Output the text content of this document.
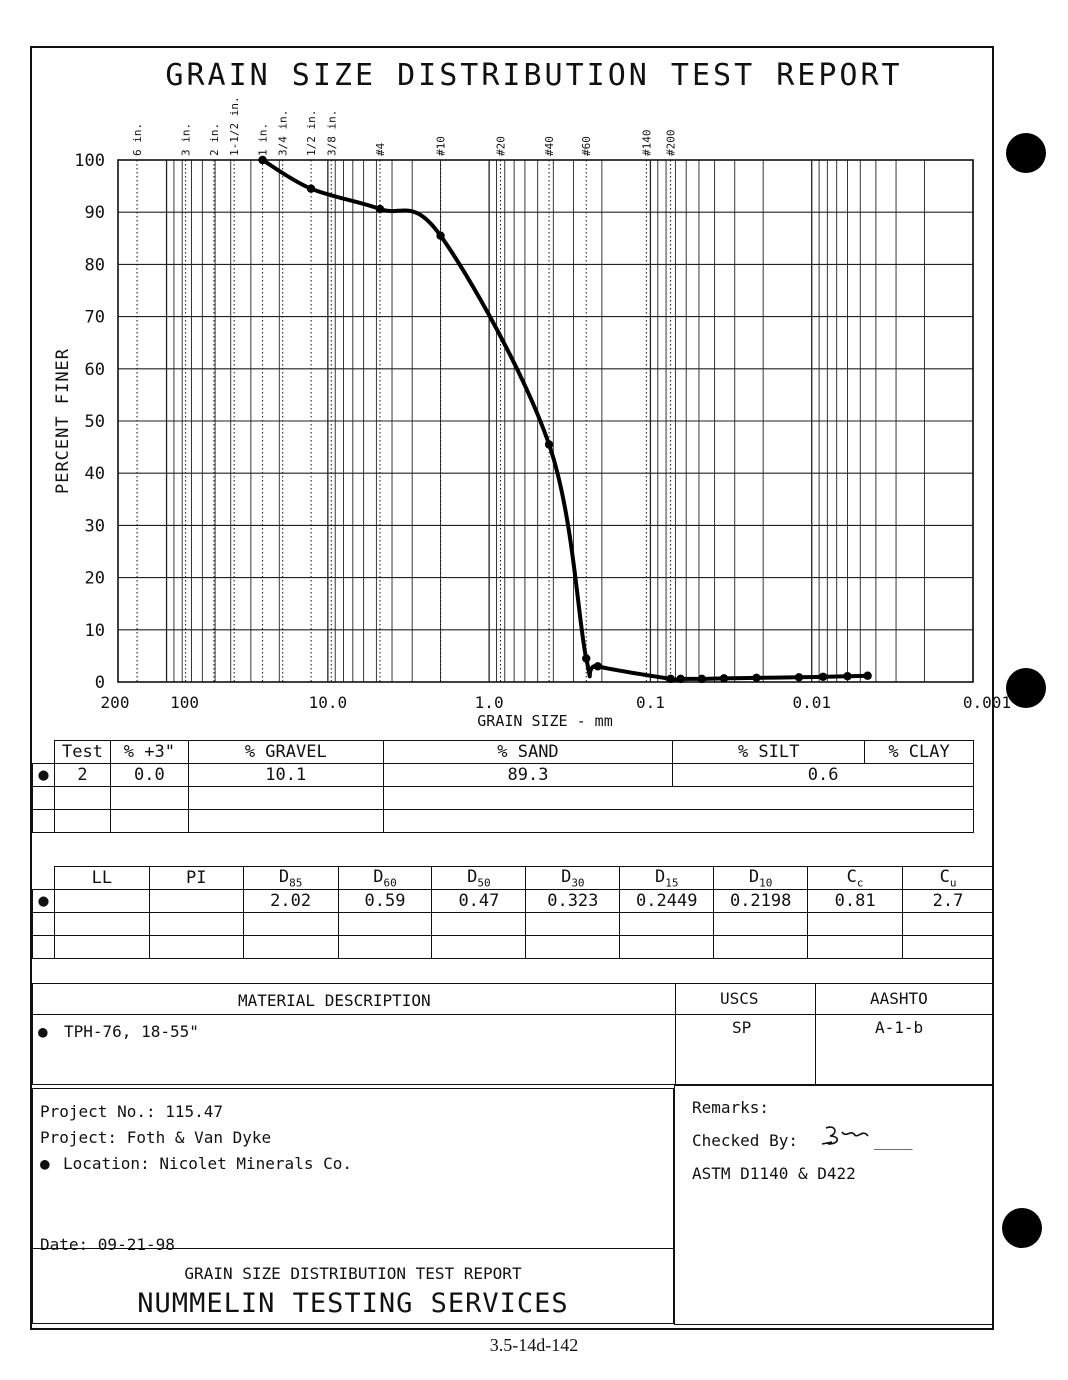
GRAIN SIZE DISTRIBUTION TEST REPORT
6 in.	3 in. 2 in. 1-1/2 in. 1 in. 3/4 in. 1/2 in. 3/8 in.	#4	#10	#20	#40 #60	#140 #200
0
10
20
30
40
50
60
70
80
90
100
200	100	10.0	1.0	0.1	0.01	0.001
PERCENT FINER
GRAIN SIZE - mm
	Test	% +3"	% GRAVEL	% SAND	% SILT	% CLAY
●	2	0.0	10.1	89.3	0.6	

	LL	PI	$D_{85}$	$D_{60}$	$D_{50}$	$D_{30}$	$D_{15}$	$D_{10}$	$C_c$	$C_u$
●			2.02	0.59	0.47	0.323	0.2449	0.2198	0.81	2.7

MATERIAL DESCRIPTION	USCS	AASHTO
● TPH-76, 18-55"	SP	A-1-b
Project No.: 115.47
Project: Foth & Van Dyke
● Location: Nicolet Minerals Co.
Date: 09-21-98
GRAIN SIZE DISTRIBUTION TEST REPORT
NUMMELIN TESTING SERVICES
Remarks:
Checked By:	____
ASTM D1140 & D422
3.5-14d-142
